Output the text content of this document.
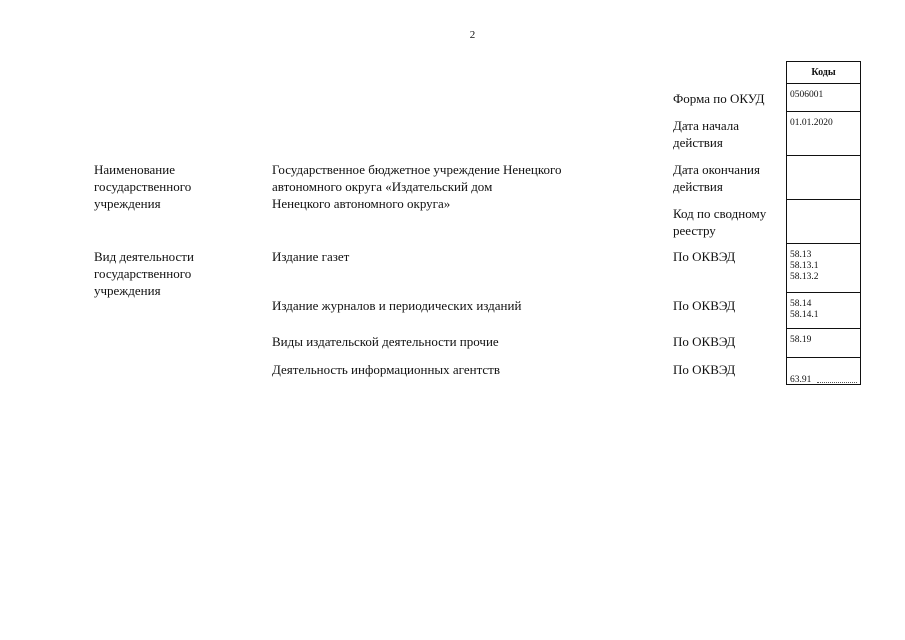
2
Наименование
государственного
учреждения
Государственное бюджетное учреждение Ненецкого
автономного округа «Издательский дом
Ненецкого автономного округа»
Вид деятельности
государственного
учреждения
Издание газет
Издание журналов и периодических изданий
Виды издательской деятельности прочие
Деятельность информационных агентств
Форма по ОКУД
Дата начала
действия
Дата окончания
действия
Код по сводному
реестру
По ОКВЭД
По ОКВЭД
По ОКВЭД
По ОКВЭД
Коды
0506001
01.01.2020
58.13
58.13.1
58.13.2
58.14
58.14.1
58.19

63.91
